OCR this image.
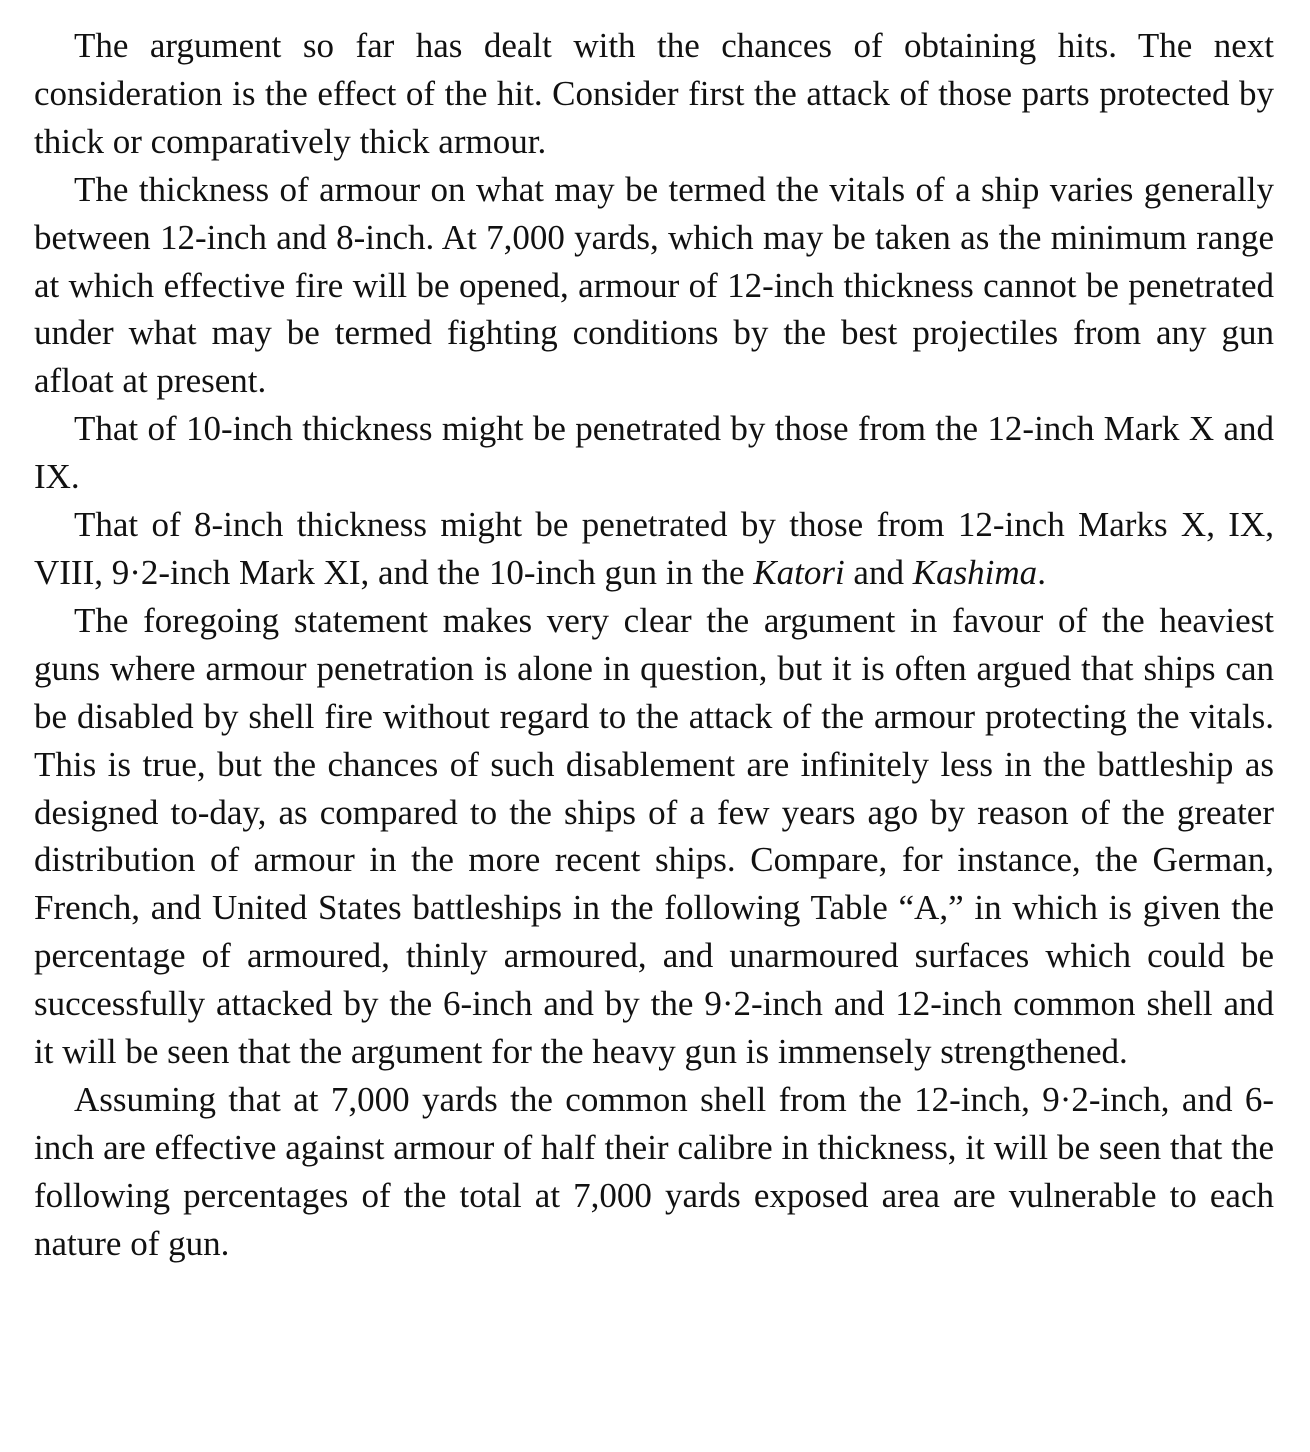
The argument so far has dealt with the chances of obtaining hits. The next consideration is the effect of the hit. Consider first the attack of those parts protected by thick or comparatively thick armour.

The thickness of armour on what may be termed the vitals of a ship varies generally between 12-inch and 8-inch. At 7,000 yards, which may be taken as the minimum range at which effective fire will be opened, armour of 12-inch thickness cannot be penetrated under what may be termed fighting conditions by the best projectiles from any gun afloat at present.

That of 10-inch thickness might be penetrated by those from the 12-inch Mark X and IX.

That of 8-inch thickness might be penetrated by those from 12-inch Marks X, IX, VIII, 9·2-inch Mark XI, and the 10-inch gun in the Katori and Kashima.

The foregoing statement makes very clear the argument in favour of the heaviest guns where armour penetration is alone in question, but it is often argued that ships can be disabled by shell fire without regard to the attack of the armour protecting the vitals. This is true, but the chances of such disablement are infinitely less in the battleship as designed to-day, as compared to the ships of a few years ago by reason of the greater distribution of armour in the more recent ships. Compare, for instance, the German, French, and United States battleships in the following Table “A,” in which is given the percentage of armoured, thinly armoured, and unarmoured surfaces which could be successfully attacked by the 6-inch and by the 9·2-inch and 12-inch common shell and it will be seen that the argument for the heavy gun is immensely strengthened.

Assuming that at 7,000 yards the common shell from the 12-inch, 9·2-inch, and 6-inch are effective against armour of half their calibre in thickness, it will be seen that the following percentages of the total at 7,000 yards exposed area are vulnerable to each nature of gun.
